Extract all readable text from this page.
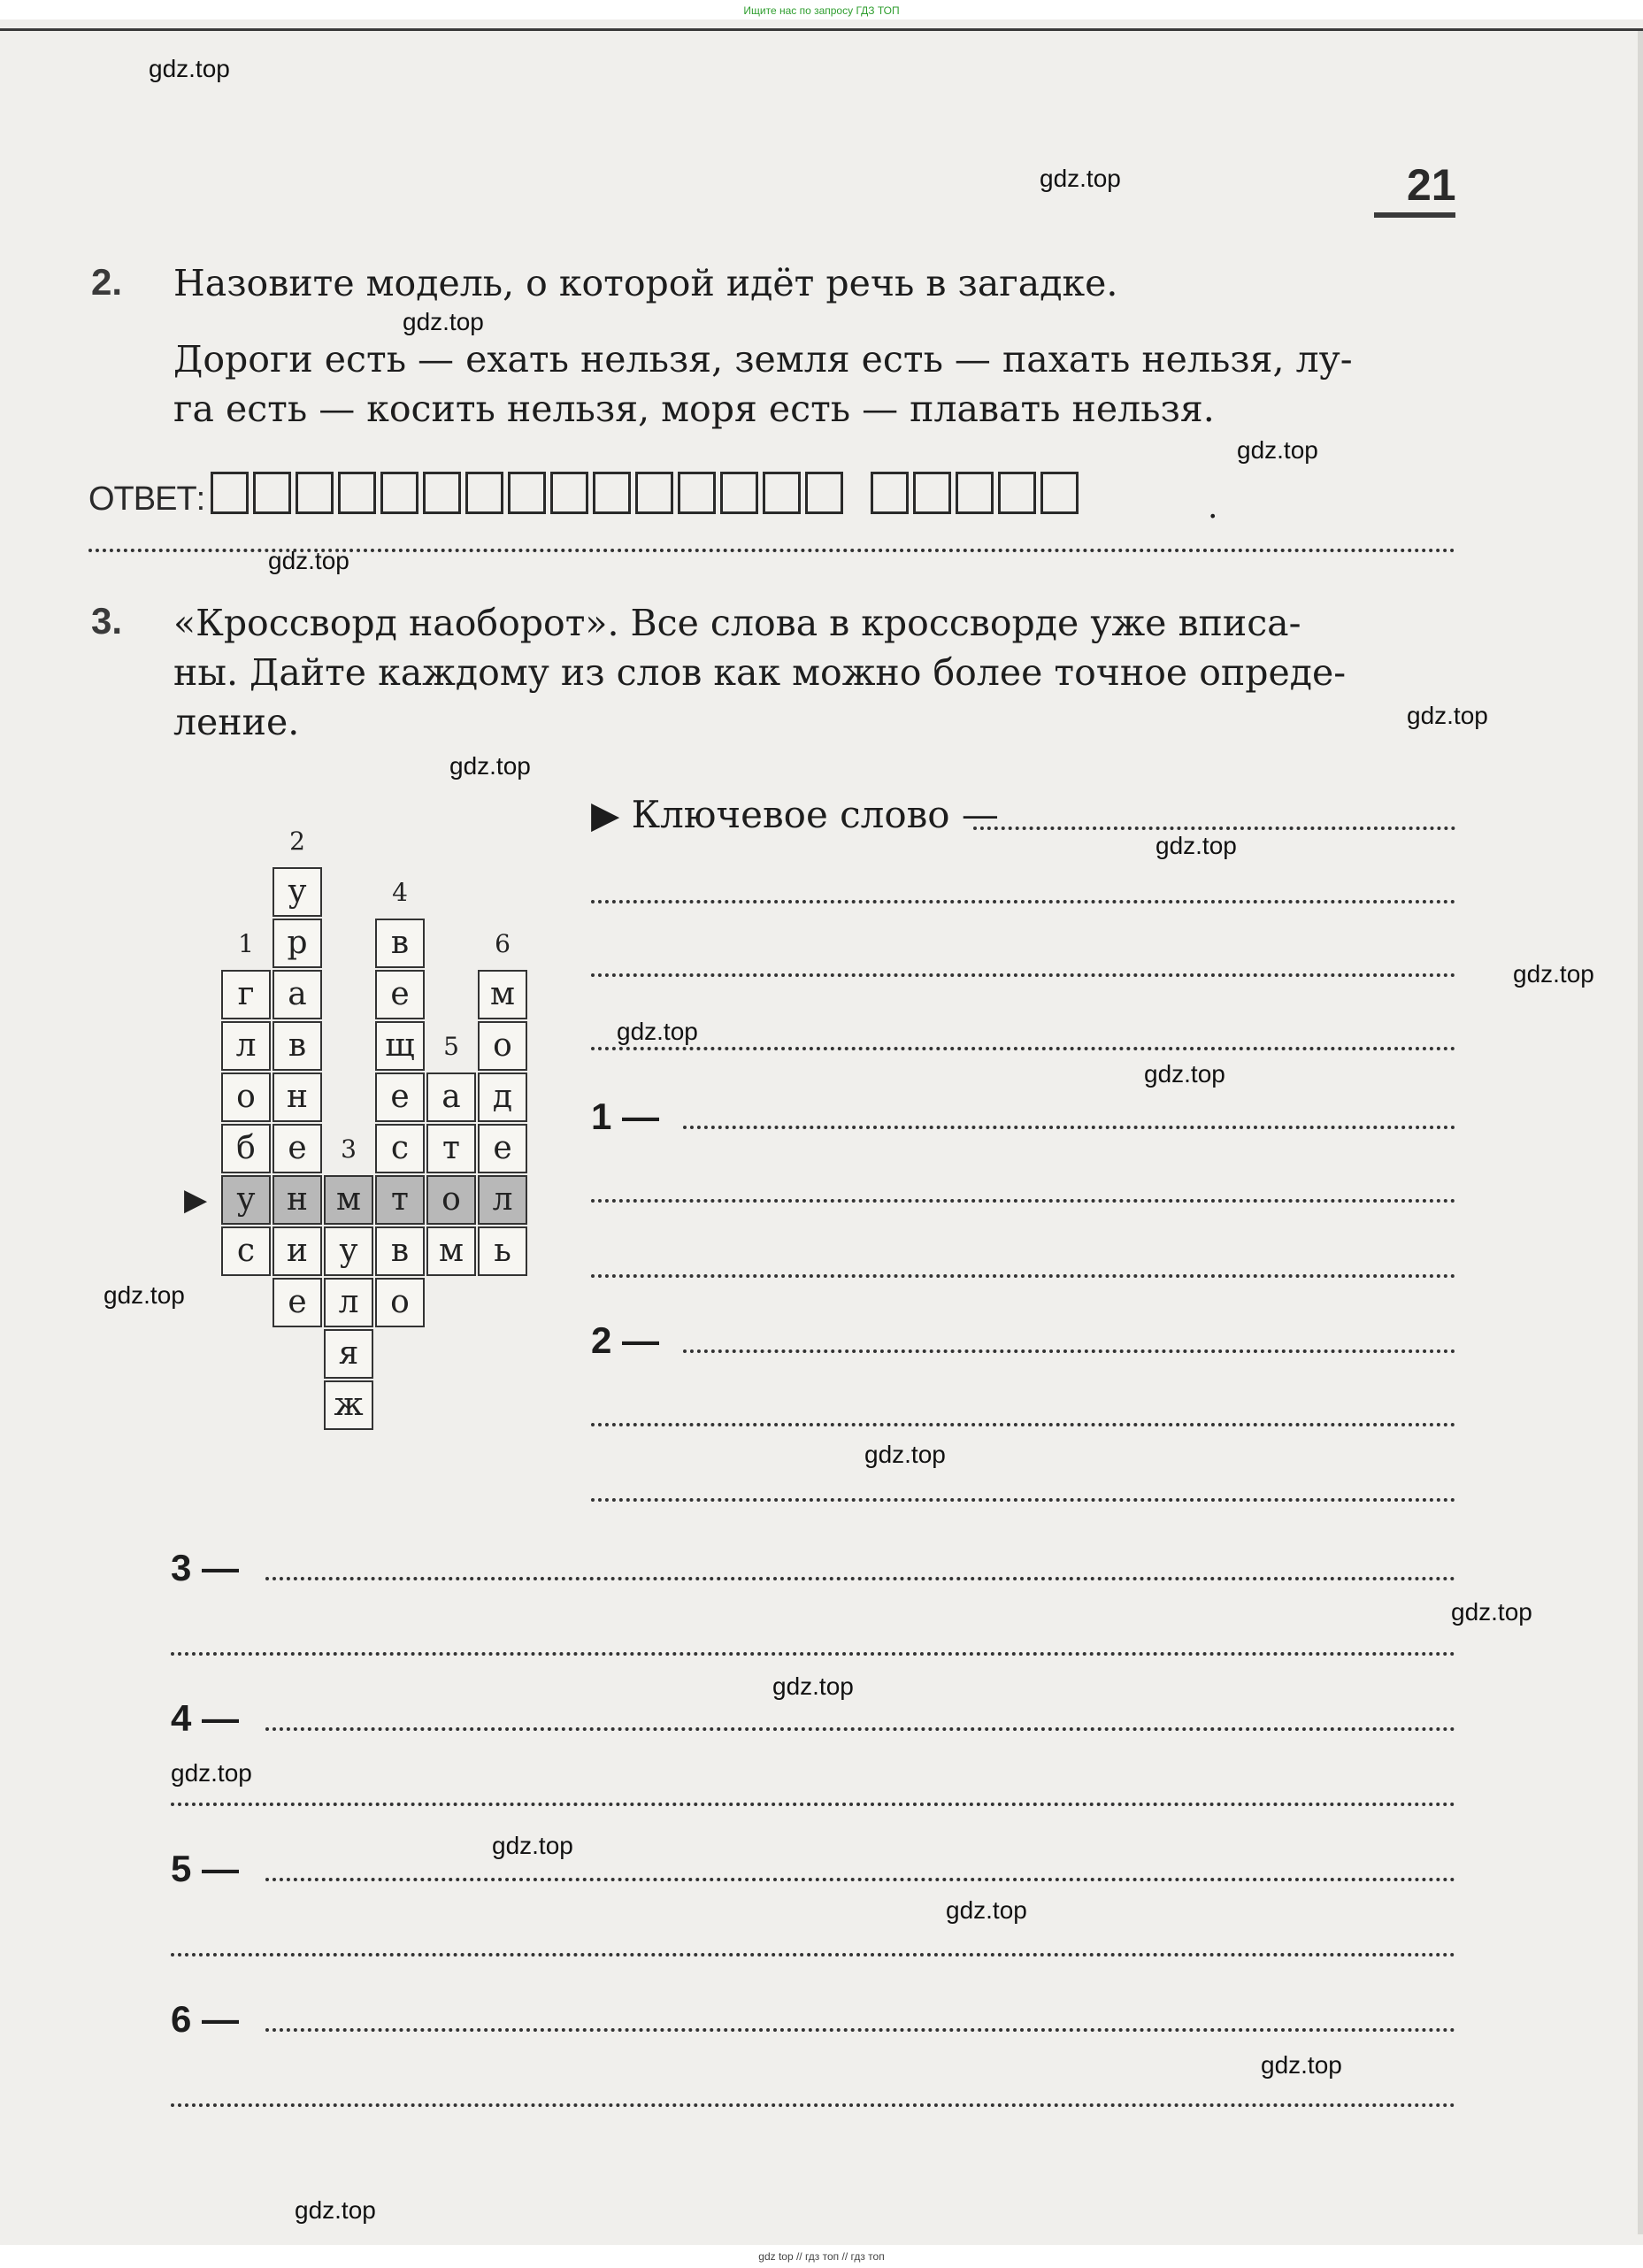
Ищите нас по запросу ГДЗ ТОП
gdz.top
gdz.top
gdz.top
gdz.top
gdz.top
gdz.top
gdz.top
gdz.top
gdz.top
gdz.top
gdz.top
gdz.top
gdz.top
gdz.top
gdz.top
gdz.top
gdz.top
gdz.top
gdz.top
gdz.top
21
2. Назовите модель, о которой идёт речь в загадке.
Дороги есть — ехать нельзя, земля есть — пахать нельзя, лу-
га есть — косить нельзя, моря есть — плавать нельзя.
ОТВЕТ:	.
3. «Кроссворд наоборот». Все слова в кроссворде уже вписа-
ны. Дайте каждому из слов как можно более точное опреде-
ление.
г
л
о
б
у
с
у
р
а
в
н
е
н
и
е
м
у
л
я
ж
в
е
щ
е
с
т
в
о
а
т
о
м
м
о
д
е
л
ь
1
2
3
4
5
6
▶
▶ Ключевое слово —
1 —
2 —
3 —
4 —
5 —
6 —
gdz top // гдз топ // гдз топ
